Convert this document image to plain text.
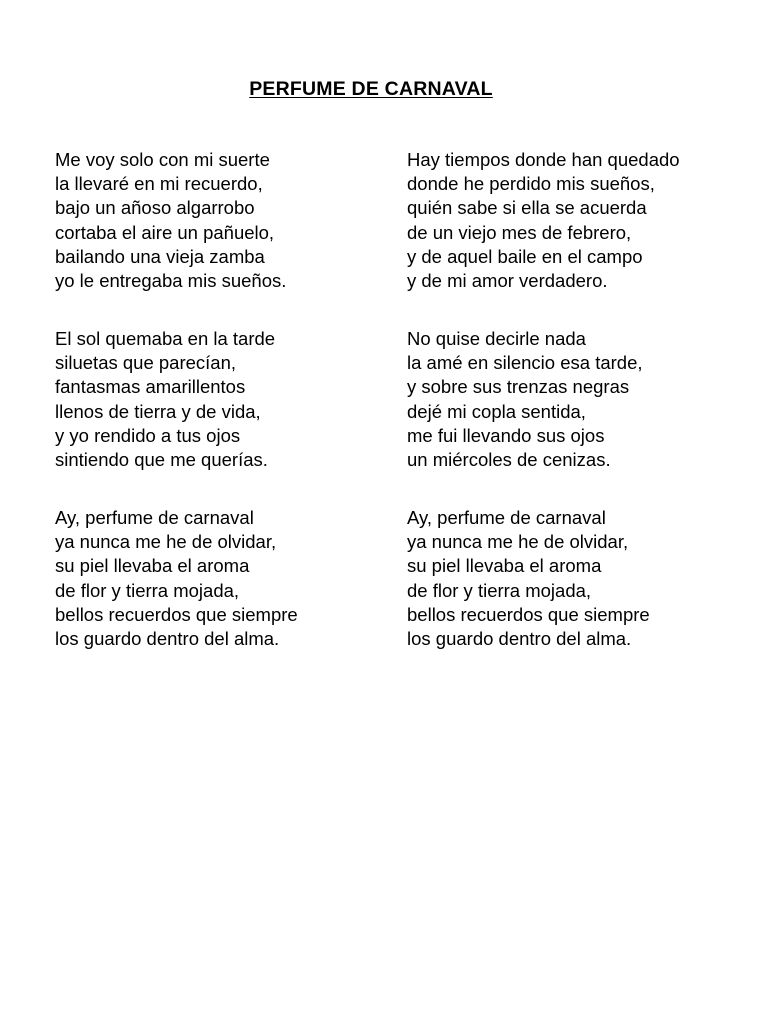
PERFUME DE CARNAVAL
Me voy solo con mi suerte
la llevaré en mi recuerdo,
bajo un añoso algarrobo
cortaba el aire un pañuelo,
bailando una vieja zamba
yo le entregaba mis sueños.
Hay tiempos donde han quedado
donde he perdido mis sueños,
quién sabe si ella se acuerda
de un viejo mes de febrero,
y de aquel baile en el campo
y de mi amor verdadero.
El sol quemaba en la tarde
siluetas que parecían,
fantasmas amarillentos
llenos de tierra y de vida,
y yo rendido a tus ojos
sintiendo que me querías.
No quise decirle nada
la amé en silencio esa tarde,
y sobre sus trenzas negras
dejé mi copla sentida,
me fui llevando sus ojos
un miércoles de cenizas.
Ay, perfume de carnaval
ya nunca me he de olvidar,
su piel llevaba el aroma
de flor y tierra mojada,
bellos recuerdos que siempre
los guardo dentro del alma.
Ay, perfume de carnaval
ya nunca me he de olvidar,
su piel llevaba el aroma
de flor y tierra mojada,
bellos recuerdos que siempre
los guardo dentro del alma.
